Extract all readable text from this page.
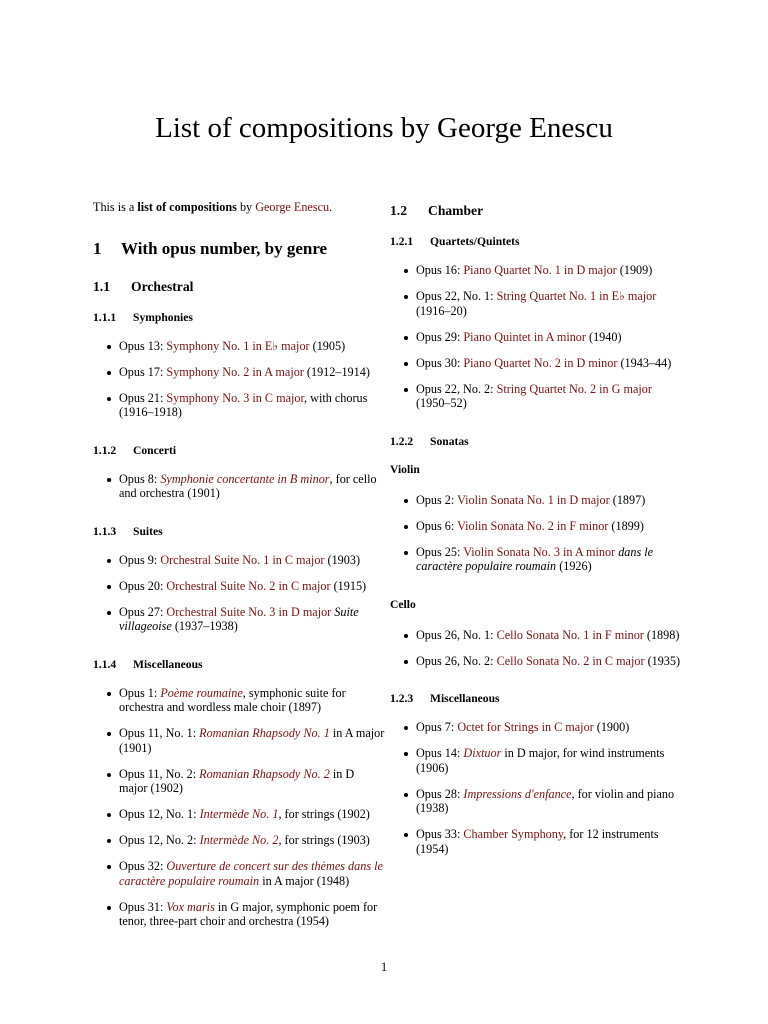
List of compositions by George Enescu

This is a list of compositions by George Enescu.

1 With opus number, by genre
1.1 Orchestral
1.1.1 Symphonies
Opus 13: Symphony No. 1 in E♭ major (1905)
Opus 17: Symphony No. 2 in A major (1912–1914)
Opus 21: Symphony No. 3 in C major, with chorus (1916–1918)
1.1.2 Concerti
Opus 8: Symphonie concertante in B minor, for cello and orchestra (1901)
1.1.3 Suites
Opus 9: Orchestral Suite No. 1 in C major (1903)
Opus 20: Orchestral Suite No. 2 in C major (1915)
Opus 27: Orchestral Suite No. 3 in D major Suite villageoise (1937–1938)
1.1.4 Miscellaneous
Opus 1: Poème roumaine, symphonic suite for orchestra and wordless male choir (1897)
Opus 11, No. 1: Romanian Rhapsody No. 1 in A major (1901)
Opus 11, No. 2: Romanian Rhapsody No. 2 in D major (1902)
Opus 12, No. 1: Intermède No. 1, for strings (1902)
Opus 12, No. 2: Intermède No. 2, for strings (1903)
Opus 32: Ouverture de concert sur des thèmes dans le caractère populaire roumain in A major (1948)
Opus 31: Vox maris in G major, symphonic poem for tenor, three-part choir and orchestra (1954)
1.2 Chamber
1.2.1 Quartets/Quintets
Opus 16: Piano Quartet No. 1 in D major (1909)
Opus 22, No. 1: String Quartet No. 1 in E♭ major (1916–20)
Opus 29: Piano Quintet in A minor (1940)
Opus 30: Piano Quartet No. 2 in D minor (1943–44)
Opus 22, No. 2: String Quartet No. 2 in G major (1950–52)
1.2.2 Sonatas
Violin
Opus 2: Violin Sonata No. 1 in D major (1897)
Opus 6: Violin Sonata No. 2 in F minor (1899)
Opus 25: Violin Sonata No. 3 in A minor dans le caractère populaire roumain (1926)
Cello
Opus 26, No. 1: Cello Sonata No. 1 in F minor (1898)
Opus 26, No. 2: Cello Sonata No. 2 in C major (1935)
1.2.3 Miscellaneous
Opus 7: Octet for Strings in C major (1900)
Opus 14: Dixtuor in D major, for wind instruments (1906)
Opus 28: Impressions d'enfance, for violin and piano (1938)
Opus 33: Chamber Symphony, for 12 instruments (1954)
1
